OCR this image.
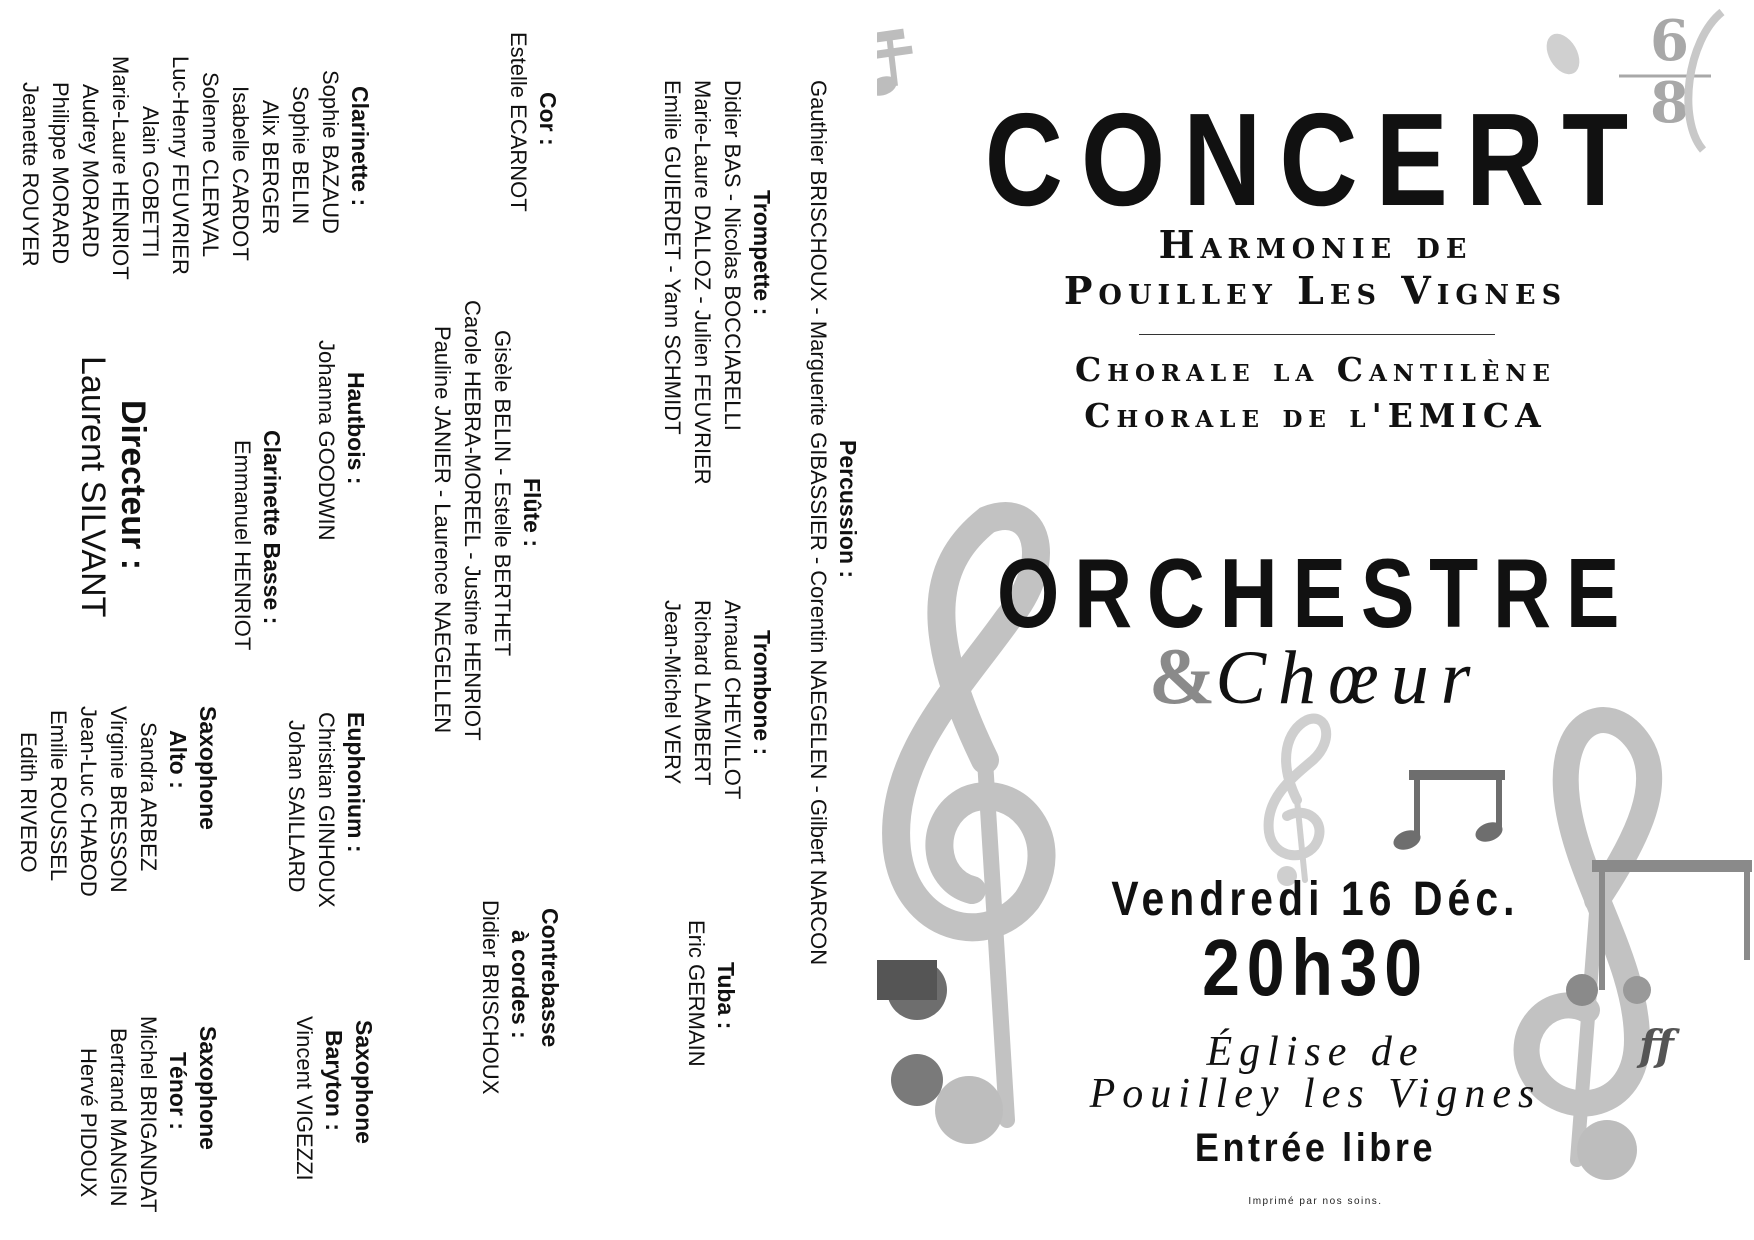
Percussion :
Gauthier BRISCHOUX - Marguerite GIBASSIER - Corentin NAEGELEN - Gilbert NARCON
Trompette :
Didier BAS - Nicolas BOCCIARELLI
Marie-Laure DALLOZ - Julien FEUVRIER
Emilie GUIERDET - Yann SCHMIDT
Trombone :
Arnaud CHEVILLOT
Richard LAMBERT
Jean-Michel VERY
Tuba :
Eric GERMAIN
Cor :
Estelle ECARNOT
Flûte :
Gisèle BELIN - Estelle BERTHET
Carole HEBRA-MOREEL - Justine HENRIOT
Pauline JANIER - Laurence NAEGELLEN
Contrebasse
à cordes :
Didier BRISCHOUX
Clarinette :
Sophie BAZAUD
Sophie BELIN
Alix BERGER
Isabelle CARDOT
Solenne CLERVAL
Luc-Henry FEUVRIER
Alain GOBETTI
Marie-Laure HENRIOT
Audrey MORARD
Philippe MORARD
Jeanette ROUYER
Hautbois :
Johanna GOODWIN
Clarinette Basse :
Emmanuel HENRIOT
Directeur :
Laurent SILVANT
Euphonium :
Christian GINHOUX
Johan SAILLARD
Saxophone
Baryton :
Vincent VIGEZZI
Saxophone
Alto :
Sandra ARBEZ
Virginie BRESSON
Jean-Luc CHABOD
Emilie ROUSSEL
Edith RIVERO
Saxophone
Ténor :
Michel BRIGANDAT
Bertrand MANGIN
Hervé PIDOUX
6
8
ff
CONCERT
Harmonie de
Pouilley Les Vignes
Chorale la Cantilène
Chorale de l'EMICA
ORCHESTRE
&Chœur
Vendredi 16 Déc.
20h30
Église de
Pouilley les Vignes
Entrée libre
Imprimé par nos soins.
